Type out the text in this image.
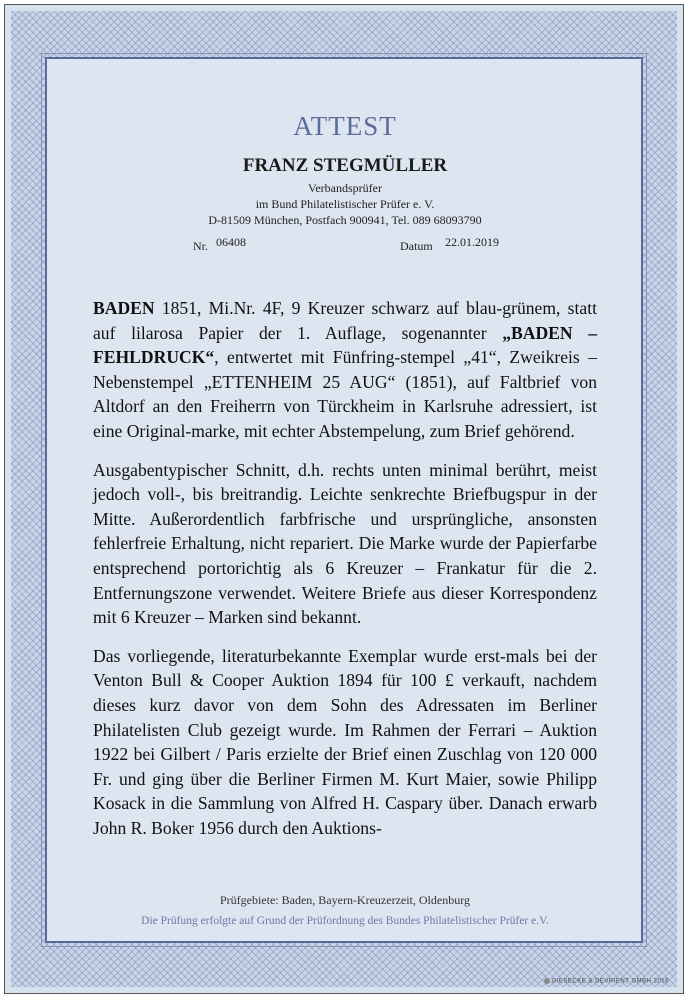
ATTEST
FRANZ STEGMÜLLER
Verbandsprüfer
im Bund Philatelistischer Prüfer e. V.
D-81509 München, Postfach 900941, Tel. 089 68093790
Nr. 06408	Datum 22.01.2019

BADEN 1851, Mi.Nr. 4F, 9 Kreuzer schwarz auf blau-grünem, statt auf lilarosa Papier der 1. Auflage, sogenannter „BADEN – FEHLDRUCK“, entwertet mit Fünfring-stempel „41“, Zweikreis – Nebenstempel „ETTENHEIM 25 AUG“ (1851), auf Faltbrief von Altdorf an den Freiherrn von Türckheim in Karlsruhe adressiert, ist eine Original-marke, mit echter Abstempelung, zum Brief gehörend.

Ausgabentypischer Schnitt, d.h. rechts unten minimal berührt, meist jedoch voll-, bis breitrandig. Leichte senkrechte Briefbugspur in der Mitte. Außerordentlich farbfrische und ursprüngliche, ansonsten fehlerfreie Erhaltung, nicht repariert. Die Marke wurde der Papierfarbe entsprechend portorichtig als 6 Kreuzer – Frankatur für die 2. Entfernungszone verwendet. Weitere Briefe aus dieser Korrespondenz mit 6 Kreuzer – Marken sind bekannt.

Das vorliegende, literaturbekannte Exemplar wurde erst-mals bei der Venton Bull & Cooper Auktion 1894 für 100 £ verkauft, nachdem dieses kurz davor von dem Sohn des Adressaten im Berliner Philatelisten Club gezeigt wurde. Im Rahmen der Ferrari – Auktion 1922 bei Gilbert / Paris erzielte der Brief einen Zuschlag von 120 000 Fr. und ging über die Berliner Firmen M. Kurt Maier, sowie Philipp Kosack in die Sammlung von Alfred H. Caspary über. Danach erwarb John R. Boker 1956 durch den Auktions-

Prüfgebiete: Baden, Bayern-Kreuzerzeit, Oldenburg
Die Prüfung erfolgte auf Grund der Prüfordnung des Bundes Philatelistischer Prüfer e.V.
GIESECKE & DEVRIENT GMBH 2016
